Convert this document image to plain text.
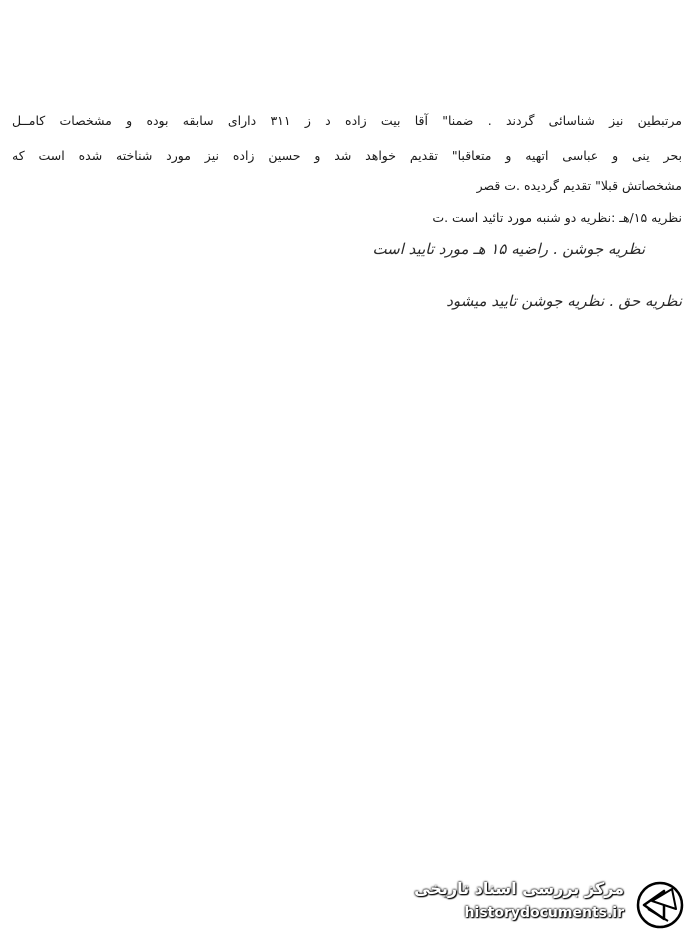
مرتبطین نیز شناسائی گردند . ضمنا" آقا بیت زاده د ز ۳۱۱ دارای سابقه بوده و مشخصات کامــل
بحر ینی و عباسی اتهیه و متعاقبا" تقدیم خواهد شد و حسین زاده نیز مورد شناخته شده است که
مشخصاتش قبلا" تقدیم گردیده .ت قصر
نظریه ۱۵/هـ :نظریه دو شنبه مورد تائید است .ت
نظریه جوشن . راضیه ۱۵ هـ مورد تایید است
نظریه حق . نظریه جوشن تایید میشود
مرکز بررسی اسناد تاریخی
historydocuments.ir
